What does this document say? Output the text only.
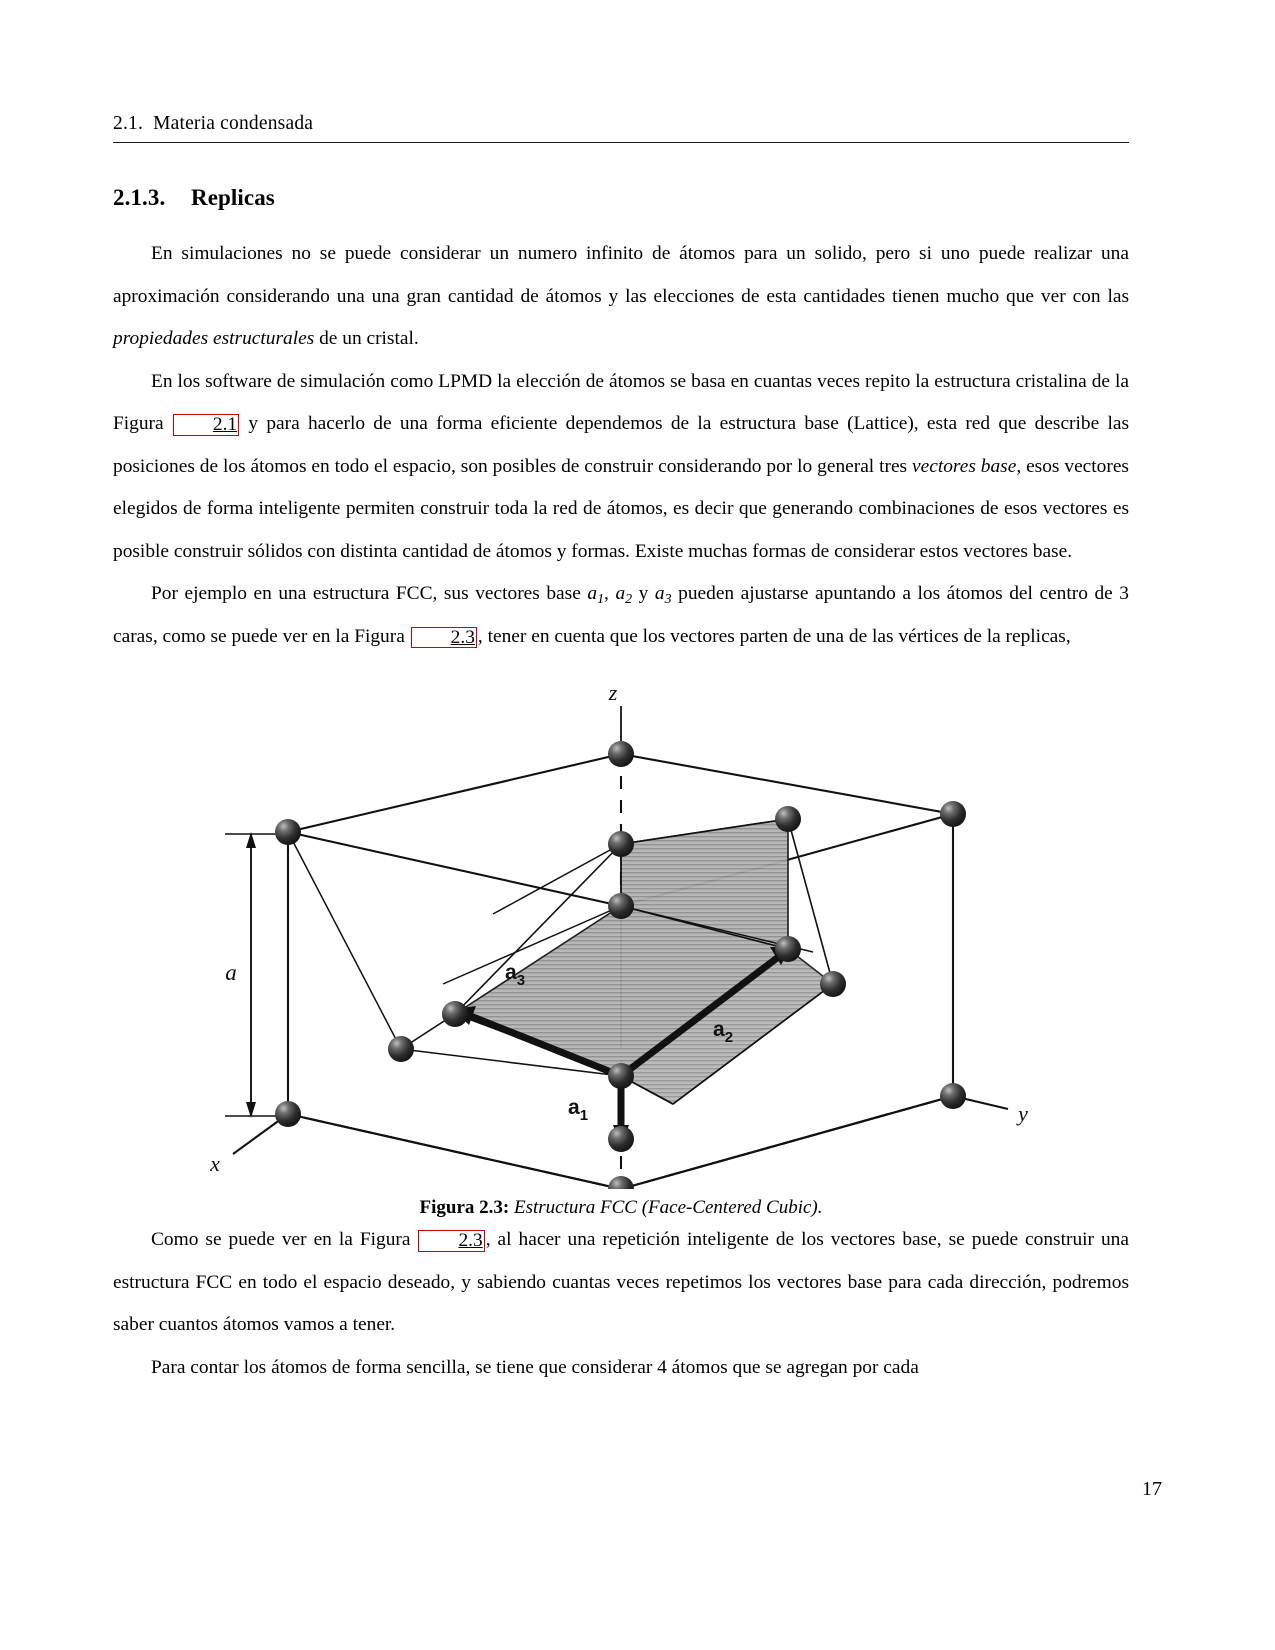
2.1. Materia condensada
2.1.3. Replicas

En simulaciones no se puede considerar un numero infinito de átomos para un solido, pero si uno puede realizar una aproximación considerando una una gran cantidad de átomos y las elecciones de esta cantidades tienen mucho que ver con las propiedades estructurales de un cristal.

En los software de simulación como LPMD la elección de átomos se basa en cuantas veces repito la estructura cristalina de la Figura 2.1 y para hacerlo de una forma eficiente dependemos de la estructura base (Lattice), esta red que describe las posiciones de los átomos en todo el espacio, son posibles de construir considerando por lo general tres vectores base, esos vectores elegidos de forma inteligente permiten construir toda la red de átomos, es decir que generando combinaciones de esos vectores es posible construir sólidos con distinta cantidad de átomos y formas. Existe muchas formas de considerar estos vectores base.

Por ejemplo en una estructura FCC, sus vectores base $a_1$, $a_2$ y $a_3$ pueden ajustarse apuntando a los átomos del centro de 3 caras, como se puede ver en la Figura 2.3 , tener en cuenta que los vectores parten de una de las vértices de la replicas,

z
x
y
a	$a_3$
$a_2$
$a_1$
Figura 2.3: Estructura FCC (Face-Centered Cubic).

Como se puede ver en la Figura 2.3 , al hacer una repetición inteligente de los vectores base, se puede construir una estructura FCC en todo el espacio deseado, y sabiendo cuantas veces repetimos los vectores base para cada dirección, podremos saber cuantos átomos vamos a tener.

Para contar los átomos de forma sencilla, se tiene que considerar 4 átomos que se agregan por cada

17
